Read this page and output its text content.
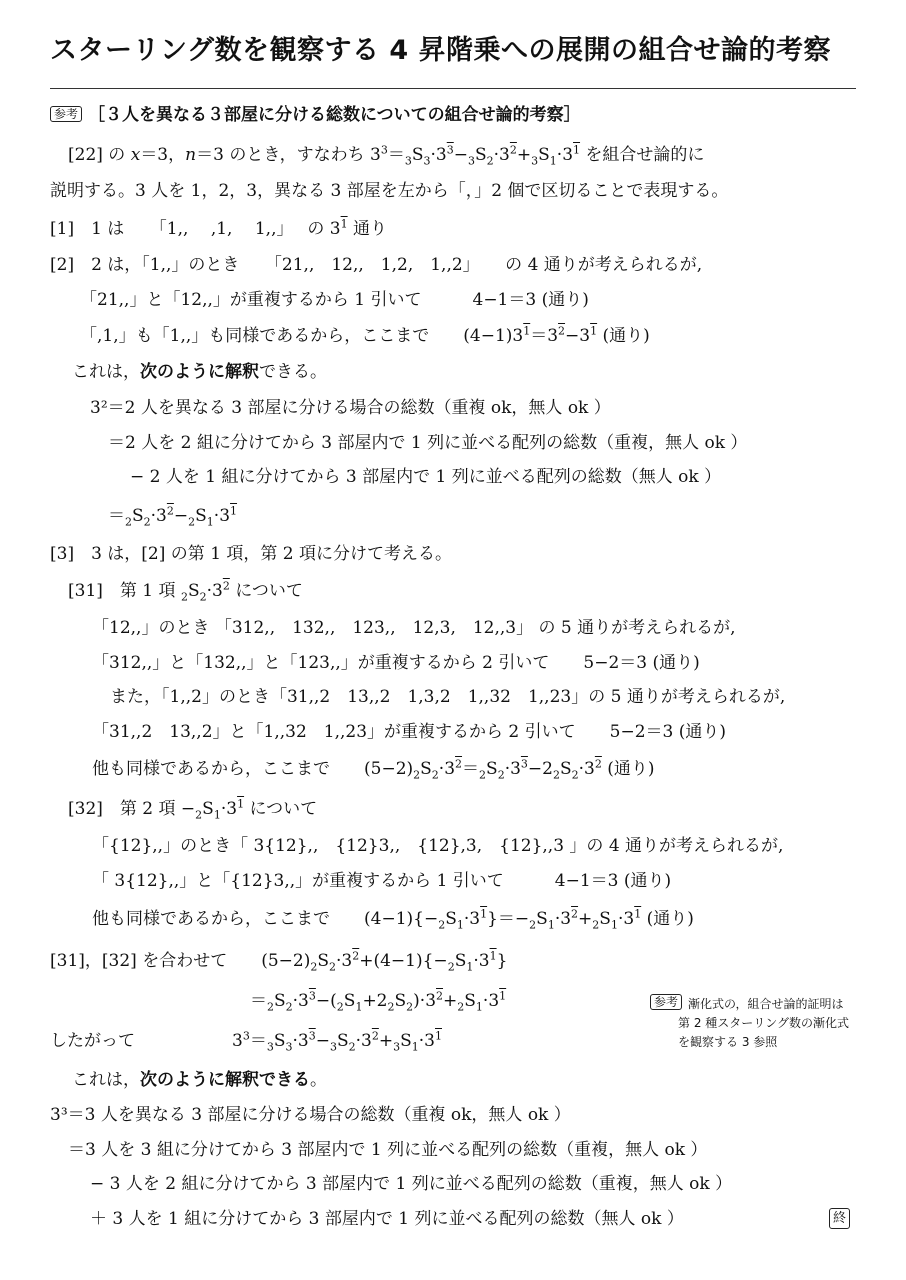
スターリング数を観察する 4 昇階乗への展開の組合せ論的考察
参考 ［３人を異なる３部屋に分ける総数についての組合せ論的考察］
[22] の x＝3，n＝3 のとき，すなわち $3^3=_3S_3\cdot 3^3-_3S_2\cdot 3^2+_3S_1\cdot 3^1$ を組合せ論的に
説明する。3 人を 1，2，3，異なる 3 部屋を左から「，」2 個で区切ることで表現する。
[1]　1 は　　「1,,　 ,1,　 1,,」　 の $3^1$ 通り
[2]　2 は，「1,,」のとき　　「21,,　12,,　1,2,　1,,2」　　の 4 通りが考えられるが,
「21,,」と「12,,」が重複するから 1 引いて　　　4−1＝3 (通り)
「,1,」も「1,,」も同様であるから，ここまで　　$(4-1)3^1=3^2-3^1$ (通り)
これは，次のように解釈できる。
3²＝2 人を異なる 3 部屋に分ける場合の総数（重複 ok，無人 ok ）
＝2 人を 2 組に分けてから 3 部屋内で 1 列に並べる配列の総数（重複，無人 ok ）
− 2 人を 1 組に分けてから 3 部屋内で 1 列に並べる配列の総数（無人 ok ）
$=_2S_2\cdot 3^2-_2S_1\cdot 3^1$
[3]　3 は，[2] の第 1 項，第 2 項に分けて考える。
[31]　第 1 項 $_2S_2\cdot 3^2$ について
「12,,」のとき 「312,,　132,,　123,,　12,3,　12,,3」 の 5 通りが考えられるが,
「312,,」と「132,,」と「123,,」が重複するから 2 引いて　　5−2＝3 (通り)
また，「1,,2」のとき「31,,2　13,,2　1,3,2　1,,32　1,,23」の 5 通りが考えられるが,
「31,,2　13,,2」と「1,,32　1,,23」が重複するから 2 引いて　　5−2＝3 (通り)
他も同様であるから，ここまで　　$(5-2)_2S_2\cdot 3^2=_2S_2\cdot 3^3-2_2S_2\cdot 3^2$ (通り)
[32]　第 2 項 $-_2S_1\cdot 3^1$ について
「{12},,」のとき「 3{12},,　{12}3,,　{12},3,　{12},,3 」の 4 通りが考えられるが,
「 3{12},,」と「{12}3,,」が重複するから 1 引いて　　　4−1＝3 (通り)
他も同様であるから，ここまで　　$(4-1)\{-_2S_1\cdot 3^1\}=-_2S_1\cdot 3^2+_2S_1\cdot 3^1$ (通り)
[31]，[32] を合わせて　　$(5-2)_2S_2\cdot 3^2+(4-1)\{-_2S_1\cdot 3^1\}$
$=_2S_2\cdot 3^3-(_2S_1+2_2S_2)\cdot 3^2+_2S_1\cdot 3^1$
したがって	$3^3=_3S_3\cdot 3^3-_3S_2\cdot 3^2+_3S_1\cdot 3^1$
参考 漸化式の，組合せ論的証明は
第 2 種スターリング数の漸化式
を観察する 3 参照
これは，次のように解釈できる。
3³＝3 人を異なる 3 部屋に分ける場合の総数（重複 ok，無人 ok ）
＝3 人を 3 組に分けてから 3 部屋内で 1 列に並べる配列の総数（重複，無人 ok ）
− 3 人を 2 組に分けてから 3 部屋内で 1 列に並べる配列の総数（重複，無人 ok ）
＋ 3 人を 1 組に分けてから 3 部屋内で 1 列に並べる配列の総数（無人 ok ）	終
